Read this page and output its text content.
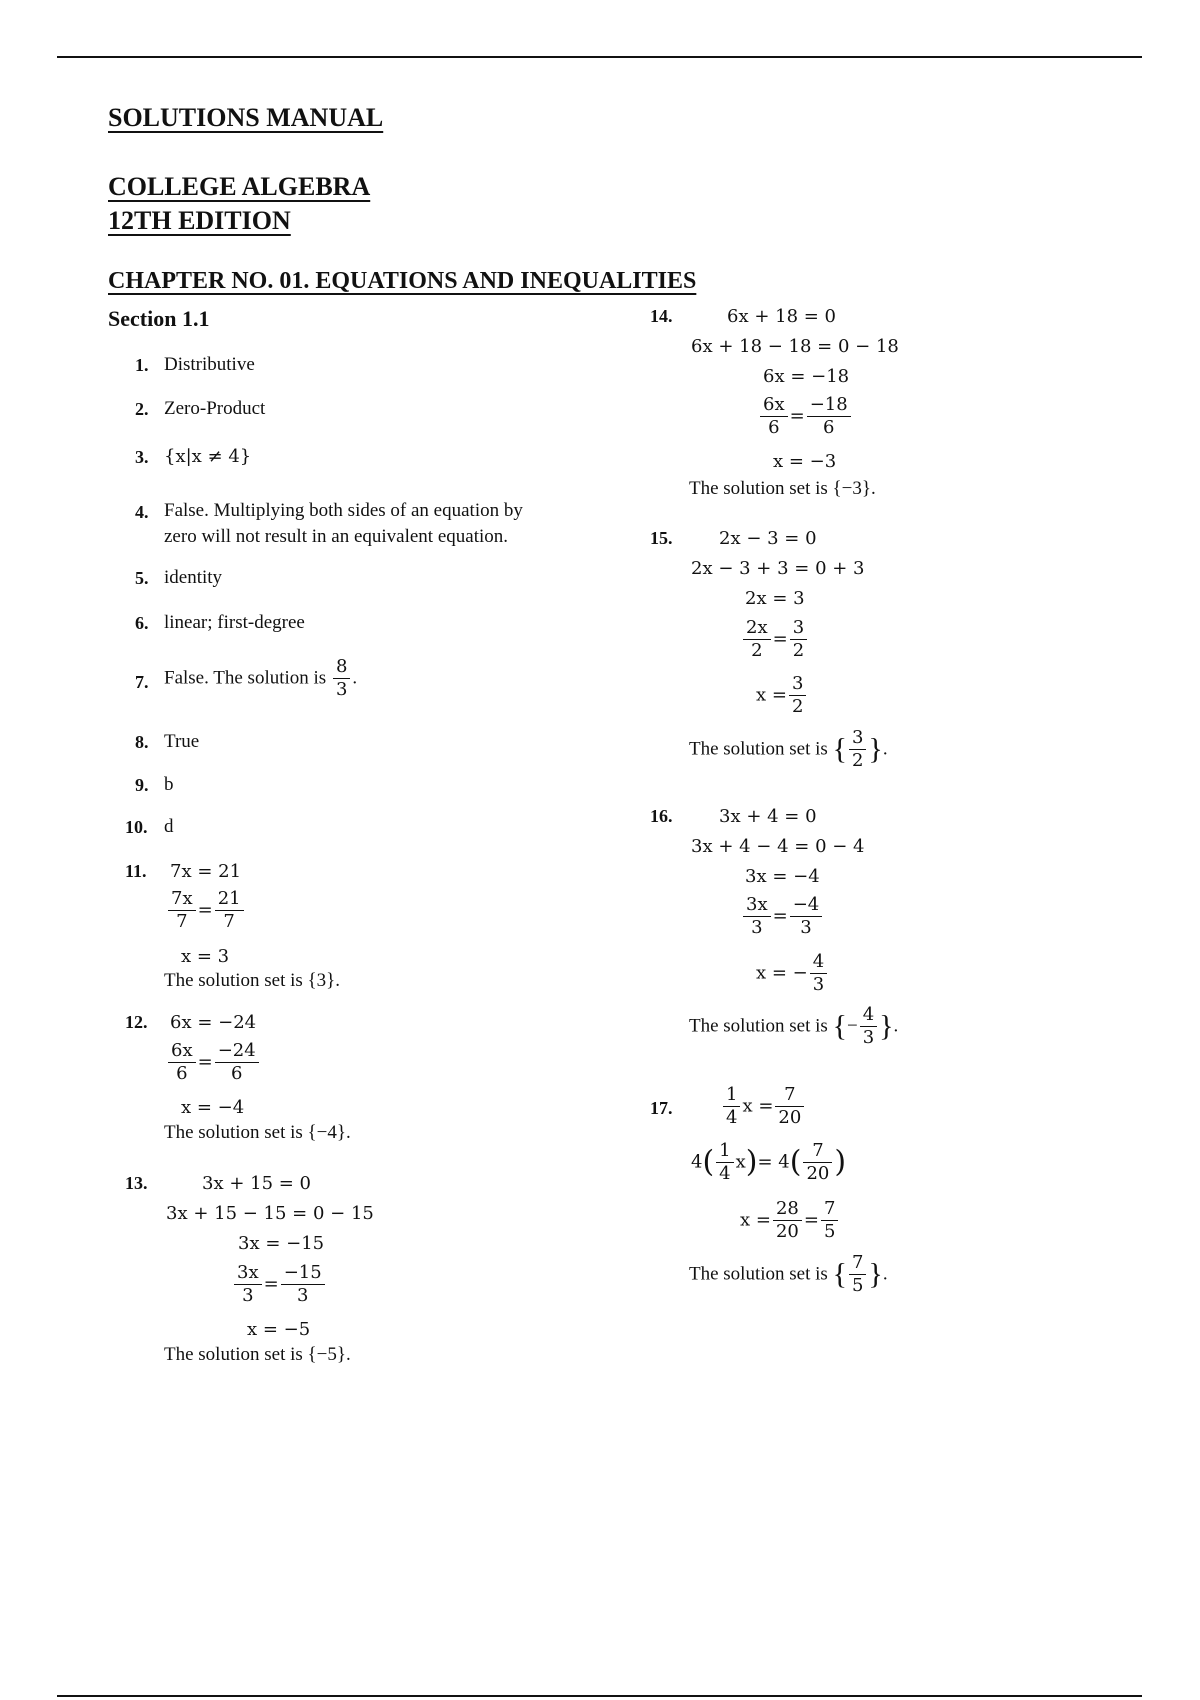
SOLUTIONS MANUAL
COLLEGE ALGEBRA
12TH EDITION
CHAPTER NO. 01. EQUATIONS AND INEQUALITIES
Section 1.1
1. Distributive
2. Zero-Product
3. {x|x ≠ 4}
4. False. Multiplying both sides of an equation by zero will not result in an equivalent equation.
5. identity
6. linear; first-degree
7. False. The solution is $\frac{8}{3}$ .
8. True
9. b
10. d
11. 7x = 21
$\frac{7x}{7} = \frac{21}{7}$
x = 3
The solution set is {3}.
12. 6x = −24
$\frac{6x}{6} = \frac{-24}{6}$
x = −4
The solution set is {−4}.
13.	3x + 15 = 0
3x + 15 − 15 = 0 − 15
3x = −15
$\frac{3x}{3} = \frac{-15}{3}$
x = −5
The solution set is {−5}.
14.	6x + 18 = 0
6x + 18 − 18 = 0 − 18
6x = −18
$\frac{6x}{6} = \frac{-18}{6}$
x = −3
The solution set is {−3}.
15.	2x − 3 = 0
2x − 3 + 3 = 0 + 3
2x = 3
$\frac{2x}{2} = \frac{3}{2}$
$x = \frac{3}{2}$
The solution set is { $\frac{3}{2}$ }.
16.	3x + 4 = 0
3x + 4 − 4 = 0 − 4
3x = −4
$\frac{3x}{3} = \frac{-4}{3}$
x = − $\frac{4}{3}$
The solution set is {− $\frac{4}{3}$ }.
17.	$\frac{1}{4}$ $x = \frac{7}{20}$
$4( \frac{1}{4} x)= 4( \frac{7}{20}$ )
$x = \frac{28}{20} = \frac{7}{5}$
The solution set is { $\frac{7}{5}$ }.
